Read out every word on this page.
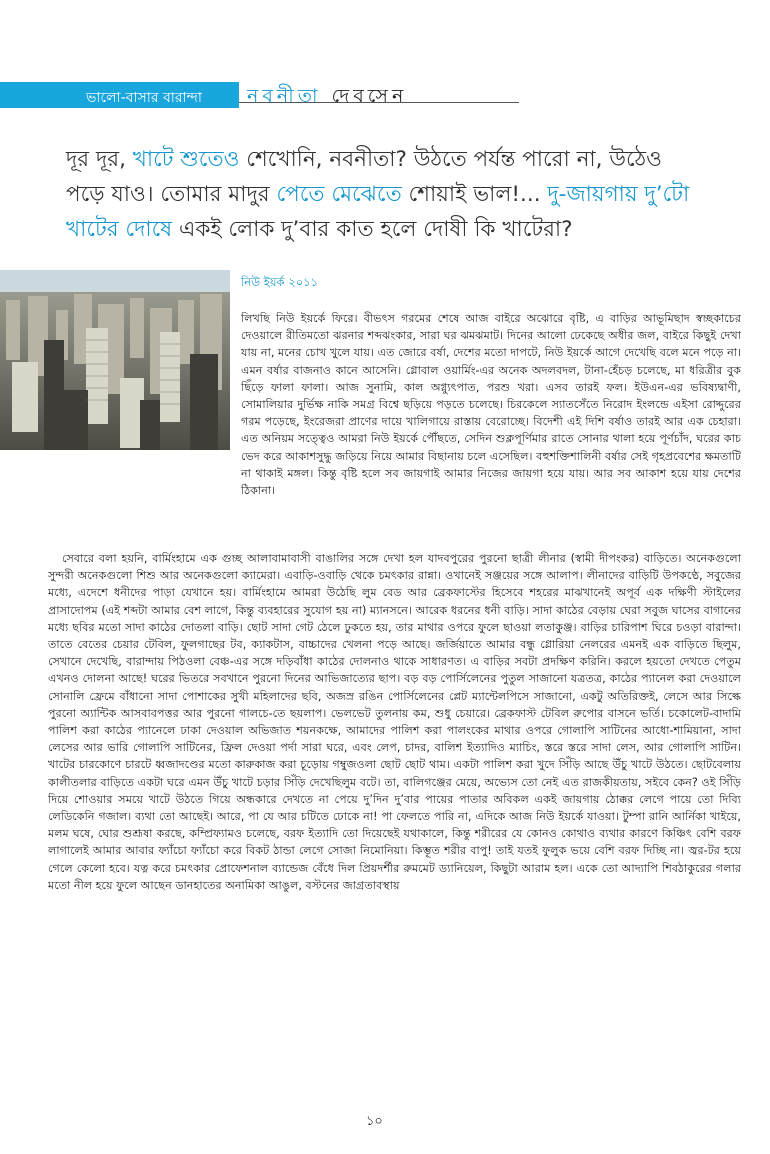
ভালো-বাসার বারান্দা নবনীতা দেবসেন
দূর দূর, খাটে শুতেও শেখোনি, নবনীতা? উঠতে পর্যন্ত পারো না, উঠেও পড়ে যাও। তোমার মাদুর পেতে মেঝেতে শোয়াই ভাল!... দু-জায়গায় দু’টো খাটের দোষে একই লোক দু’বার কাত হলে দোষী কি খাটেরা?
নিউ ইয়র্ক ২০১১

লিখছি নিউ ইয়র্কে ফিরে। বীভৎস গরমের শেষে আজ বাইরে অঝোরে বৃষ্টি, এ বাড়ির আভূমিছাদ স্বচ্ছকাচের দেওয়ালে রীতিমতো ঝরনার শব্দঝংকার, সারা ঘর ঝমঝমাট। দিনের আলো ঢেকেছে অধীর জল, বাইরে কিছুই দেখা যায় না, মনের চোখ খুলে যায়। এত জোরে বর্ষা, দেশের মতো দাপটে, নিউ ইয়র্কে আগে দেখেছি বলে মনে পড়ে না। এমন বর্ষার বাজনাও কানে আসেনি। গ্লোবাল ওয়ার্মিং-এর অনেক অদলবদল, টানা-হেঁচড় চলেছে, মা ধরিত্রীর বুক ছিঁড়ে ফালা ফালা। আজ সুনামি, কাল অগ্ন্যুৎপাত, পরশু খরা। এসব তারই ফল। ইউএন-এর ভবিষ্যদ্বাণী, সোমালিয়ার দুর্ভিক্ষ নাকি সমগ্র বিশ্বে ছড়িয়ে পড়তে চলেছে। চিরকেলে স্যাতসেঁতে নিরোদ ইংলন্ডে এইসা রোদ্দুরের গরম পড়েছে, ইংরেজরা প্রাণের দায়ে খালিগায়ে রাস্তায় বেরোচ্ছে। বিদেশী এই দিশি বর্ষাও তারই আর এক চেহারা। এত অনিয়ম সত্ত্বেও আমরা নিউ ইয়র্কে পৌঁছতে, সেদিন শুক্লপূর্ণিমার রাতে সোনার থালা হয়ে পূর্ণচাঁদ, ঘরের কাচ ভেদ করে আকাশসুদ্ধু জড়িয়ে নিয়ে আমার বিছানায় চলে এসেছিল। বহুশক্তিশালিনী বর্ষার সেই গৃহপ্রবেশের ক্ষমতাটি না থাকাই মঙ্গল। কিন্তু বৃষ্টি হলে সব জায়গাই আমার নিজের জায়গা হয়ে যায়। আর সব আকাশ হয়ে যায় দেশের ঠিকানা।

সেবারে বলা হয়নি, বার্মিংহামে এক গুচ্ছ আলাবামাবাসী বাঙালির সঙ্গে দেখা হল যাদবপুরের পুরনো ছাত্রী লীনার (স্বামী দীপংকর) বাড়িতে। অনেকগুলো সুন্দরী অনেকগুলো শিশু আর অনেকগুলো ক্যামেরা। এবাড়ি-ওবাড়ি থেকে চমৎকার রান্না। ওখানেই সঞ্জয়ের সঙ্গে আলাপ। লীনাদের বাড়িটি উপকণ্ঠে, সবুজের মধ্যে, এদেশে ধনীদের পাড়া যেখানে হয়। বার্মিংহামে আমরা উঠেছি লুম বেড আর ব্রেকফাস্টের হিসেবে শহরের মাঝখানেই অপূর্ব এক দক্ষিণী স্টাইলের প্রাসাদোপম (এই শব্দটা আমার বেশ লাগে, কিন্তু ব্যবহারের সুযোগ হয় না) ম্যানসনে। আরেক ধরনের ধনী বাড়ি। সাদা কাঠের বেড়ায় ঘেরা সবুজ ঘাসের বাগানের মধ্যে ছবির মতো সাদা কাঠের দোতলা বাড়ি। ছোট সাদা গেট ঠেলে ঢুকতে হয়, তার মাথার ওপরে ফুলে ছাওয়া লতাকুঞ্জ। বাড়ির চারিপাশ ঘিরে চওড়া বারান্দা। তাতে বেতের চেয়ার টেবিল, ফুলগাছের টব, ক্যাকটাস, বাচ্চাদের খেলনা পড়ে আছে। জর্জিয়াতে আমার বন্ধু গ্লোরিয়া নেলরের এমনই এক বাড়িতে ছিলুম, সেখানে দেখেছি, বারান্দায় পিঠওলা বেঞ্চ-এর সঙ্গে দড়িবাঁধা কাঠের দোলনাও থাকে সাধারণত। এ বাড়ির সবটা প্রদক্ষিণ করিনি। করলে হয়তো দেখতে পেতুম এখনও দোলনা আছে! ঘরের ভিতরে সবখানে পুরনো দিনের আভিজাত্যের ছাপ। বড় বড় পোর্সিলেনের পুতুল সাজানো যত্রতত্র, কাঠের প্যানেল করা দেওয়ালে সোনালি ফ্রেমে বাঁধানো সাদা পোশাকের সুখী মহিলাদের ছবি, অজস্র রঙিন পোর্সিলেনের প্লেট ম্যান্টেলপিসে সাজানো, একটু অতিরিক্তই, লেসে আর সিল্কে পুরনো অ্যান্টিক আসবাবপত্তর আর পুরনো গালচে-তে ছয়লাপ। ভেলভেট তুলনায় কম, শুধু চেয়ারে। ব্রেকফাস্ট টেবিল রুপোর বাসনে ভর্তি। চকোলেট-বাদামি পালিশ করা কাঠের প্যানেলে ঢাকা দেওয়াল অভিজাত শয়নকক্ষে, আমাদের পালিশ করা পালংকের মাথার ওপরে গোলাপি সাটিনের আধো-শামিয়ানা, সাদা লেসের আর ভারি গোলাপি সাটিনের, ফ্রিল দেওয়া পর্দা সারা ঘরে, এবং লেপ, চাদর, বালিশ ইত্যাদিও ম্যাচিং, স্তরে স্তরে সাদা লেস, আর গোলাপি সাটিন। খাটের চারকোণে চারটে ধ্বজাদণ্ডের মতো কারুকাজ করা চূড়োয় গম্বুজওলা ছোট ছোট থাম। একটা পালিশ করা খুদে সিঁড়ি আছে উঁচু খাটে উঠতে। ছোটবেলায় কালীতলার বাড়িতে একটা ঘরে এমন উঁচু খাটে চড়ার সিঁড়ি দেখেছিলুম বটে। তা, বালিগঞ্জের মেয়ে, অভ্যেস তো নেই এত রাজকীয়তায়, সইবে কেন? ওই সিঁড়ি দিয়ে শোওয়ার সময়ে খাটে উঠতে গিয়ে অন্ধকারে দেখতে না পেয়ে দু’দিন দু’বার পায়ের পাতার অবিকল একই জায়গায় ঠোক্কর লেগে পায়ে তো দিব্যি লেডিকেনি গজাল। ব্যথা তো আছেই। আরে, পা যে আর চটিতে ঢোকে না! পা ফেলতে পারি না, এদিকে আজ নিউ ইয়র্কে যাওয়া। টুম্পা রানি আর্নিকা খাইয়ে, মলম ঘষে, ঘোর শুশ্রূষা করছে, কম্প্রিফ্যামও চলেছে, বরফ ইত্যাদি তো দিয়েছেই যথাকালে, কিন্তু শরীরের যে কোনও কোথাও ব্যথার কারণে কিঞ্চিৎ বেশি বরফ লাগালেই আমার আবার ফ্যাঁচো ফ্যাঁচো করে বিকট ঠান্ডা লেগে সোজা নিমোনিয়া। কিম্ভূত শরীর বাপু! তাই যতই ফুলুক ভয়ে বেশি বরফ দিচ্ছি না। জ্বর-টর হয়ে গেলে কেলো হবে। যত্ন করে চমৎকার প্রোফেশনাল ব্যান্ডেজ বেঁধে দিল প্রিয়দর্শীর রুমমেট ড্যানিয়েল, কিছুটা আরাম হল। একে তো আদ্যাপি শিবঠাকুরের গলার মতো নীল হয়ে ফুলে আছেন ডানহাতের অনামিকা আঙুল, বস্টনের জাগ্রতাবস্থায়

১০
